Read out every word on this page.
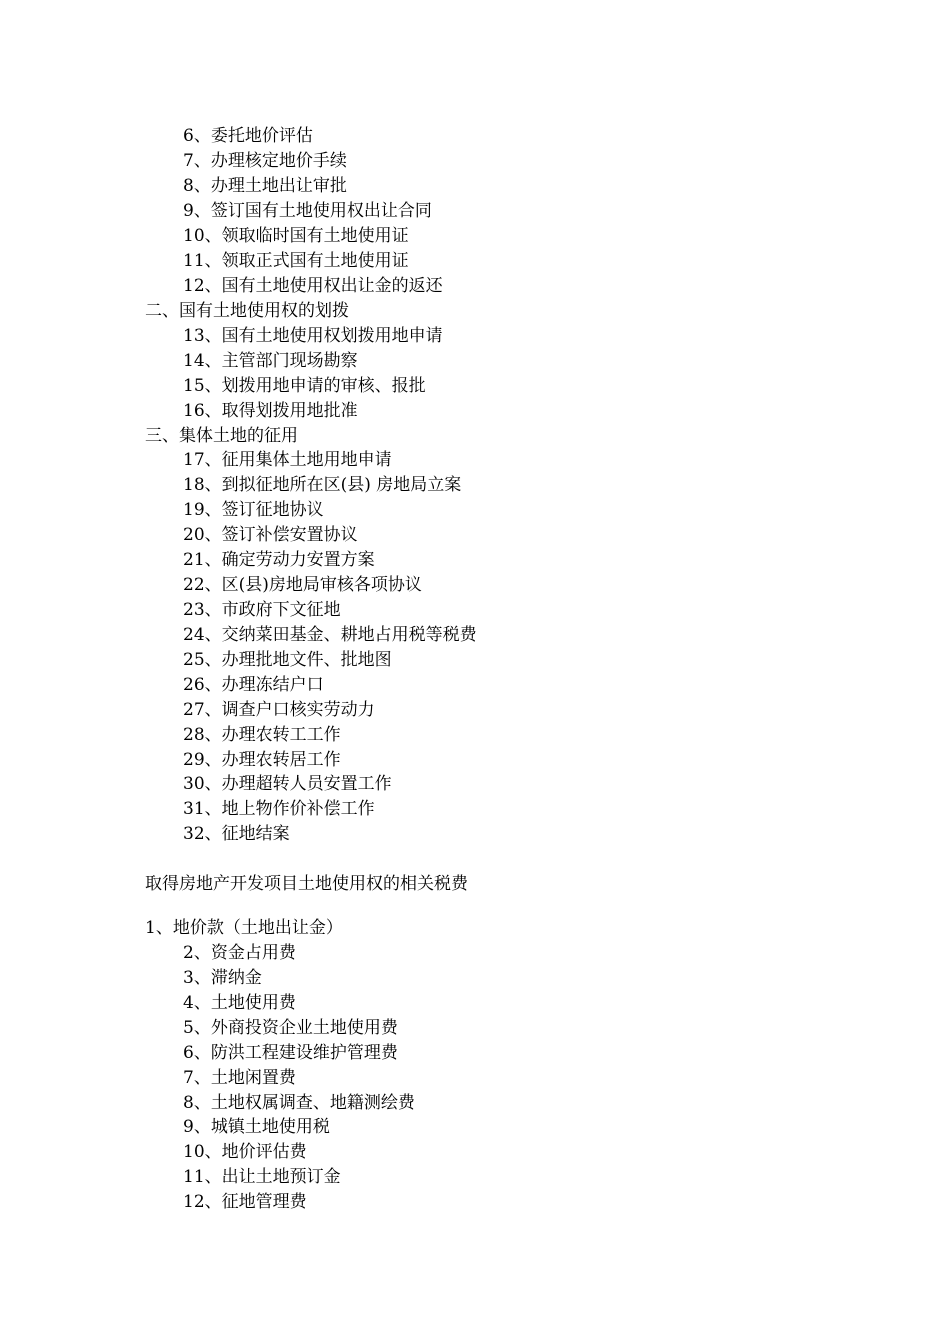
6、委托地价评估
7、办理核定地价手续
8、办理土地出让审批
9、签订国有土地使用权出让合同
10、领取临时国有土地使用证
11、领取正式国有土地使用证
12、国有土地使用权出让金的返还
二、国有土地使用权的划拨
13、国有土地使用权划拨用地申请
14、主管部门现场勘察
15、划拨用地申请的审核、报批
16、取得划拨用地批准
三、集体土地的征用
17、征用集体土地用地申请
18、到拟征地所在区(县) 房地局立案
19、签订征地协议
20、签订补偿安置协议
21、确定劳动力安置方案
22、区(县)房地局审核各项协议
23、市政府下文征地
24、交纳菜田基金、耕地占用税等税费
25、办理批地文件、批地图
26、办理冻结户口
27、调查户口核实劳动力
28、办理农转工工作
29、办理农转居工作
30、办理超转人员安置工作
31、地上物作价补偿工作
32、征地结案
取得房地产开发项目土地使用权的相关税费
1、地价款（土地出让金）
2、资金占用费
3、滞纳金
4、土地使用费
5、外商投资企业土地使用费
6、防洪工程建设维护管理费
7、土地闲置费
8、土地权属调查、地籍测绘费
9、城镇土地使用税
10、地价评估费
11、出让土地预订金
12、征地管理费
